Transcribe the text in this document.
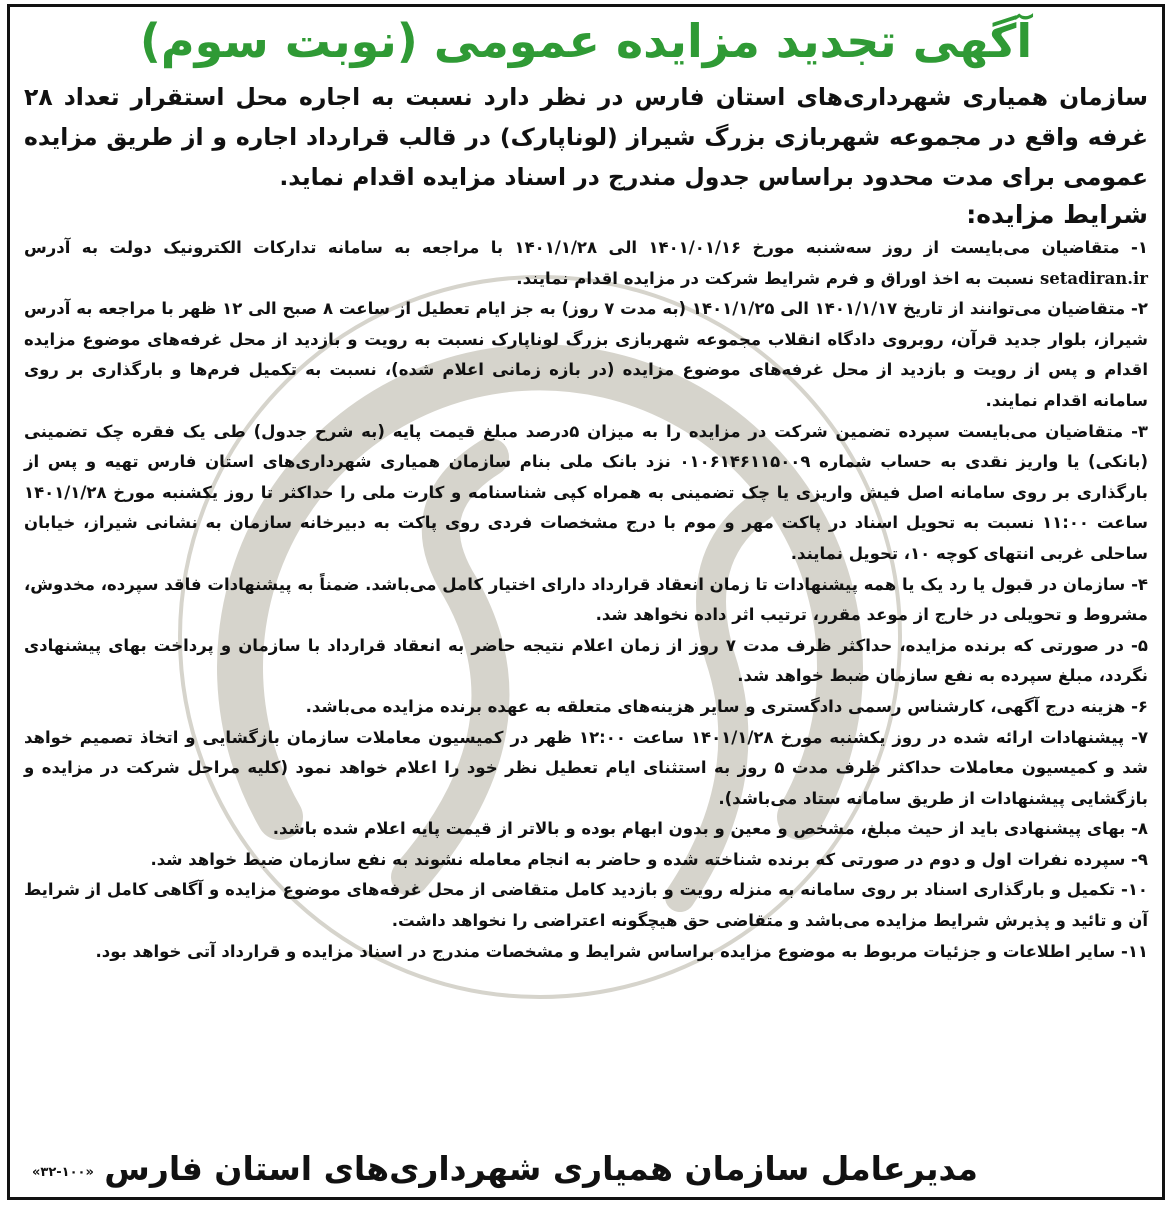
آگهی تجدید مزایده عمومی (نوبت سوم)

سازمان همیاری شهرداری‌های استان فارس در نظر دارد نسبت به اجاره محل استقرار تعداد ۲۸ غرفه واقع در مجموعه شهربازی بزرگ شیراز (لوناپارک) در قالب قرارداد اجاره و از طریق مزایده عمومی برای مدت محدود براساس جدول مندرج در اسناد مزایده اقدام نماید.

شرایط مزایده:

۱- متقاضیان می‌بایست از روز سه‌شنبه مورخ ۱۴۰۱/۰۱/۱۶ الی ۱۴۰۱/۱/۲۸ با مراجعه به سامانه تدارکات الکترونیک دولت به آدرس setadiran.ir نسبت به اخذ اوراق و فرم شرایط شرکت در مزایده اقدام نمایند.

۲- متقاضیان می‌توانند از تاریخ ۱۴۰۱/۱/۱۷ الی ۱۴۰۱/۱/۲۵ (به مدت ۷ روز) به جز ایام تعطیل از ساعت ۸ صبح الی ۱۲ ظهر با مراجعه به آدرس شیراز، بلوار جدید قرآن، روبروی دادگاه انقلاب مجموعه شهربازی بزرگ لوناپارک نسبت به رویت و بازدید از محل غرفه‌های موضوع مزایده اقدام و پس از رویت و بازدید از محل غرفه‌های موضوع مزایده (در بازه زمانی اعلام شده)، نسبت به تکمیل فرم‌ها و بارگذاری بر روی سامانه اقدام نمایند.

۳- متقاضیان می‌بایست سپرده تضمین شرکت در مزایده را به میزان ۵درصد مبلغ قیمت پایه (به شرح جدول) طی یک فقره چک تضمینی (بانکی) یا واریز نقدی به حساب شماره ۰۱۰۶۱۴۶۱۱۵۰۰۹ نزد بانک ملی بنام سازمان همیاری شهرداری‌های استان فارس تهیه و پس از بارگذاری بر روی سامانه اصل فیش واریزی یا چک تضمینی به همراه کپی شناسنامه و کارت ملی را حداکثر تا روز یکشنبه مورخ ۱۴۰۱/۱/۲۸ ساعت ۱۱:۰۰ نسبت به تحویل اسناد در پاکت مهر و موم با درج مشخصات فردی روی پاکت به دبیرخانه سازمان به نشانی شیراز، خیابان ساحلی غربی انتهای کوچه ۱۰، تحویل نمایند.

۴- سازمان در قبول یا رد یک یا همه پیشنهادات تا زمان انعقاد قرارداد دارای اختیار کامل می‌باشد. ضمناً به پیشنهادات فاقد سپرده، مخدوش، مشروط و تحویلی در خارج از موعد مقرر، ترتیب اثر داده نخواهد شد.

۵- در صورتی که برنده مزایده، حداکثر ظرف مدت ۷ روز از زمان اعلام نتیجه حاضر به انعقاد قرارداد با سازمان و پرداخت بهای پیشنهادی نگردد، مبلغ سپرده به نفع سازمان ضبط خواهد شد.

۶- هزینه درج آگهی، کارشناس رسمی دادگستری و سایر هزینه‌های متعلقه به عهده برنده مزایده می‌باشد.

۷- پیشنهادات ارائه شده در روز یکشنبه مورخ ۱۴۰۱/۱/۲۸ ساعت ۱۲:۰۰ ظهر در کمیسیون معاملات سازمان بازگشایی و اتخاذ تصمیم خواهد شد و کمیسیون معاملات حداکثر ظرف مدت ۵ روز به استثنای ایام تعطیل نظر خود را اعلام خواهد نمود (کلیه مراحل شرکت در مزایده و بازگشایی پیشنهادات از طریق سامانه ستاد می‌باشد).

۸- بهای پیشنهادی باید از حیث مبلغ، مشخص و معین و بدون ابهام بوده و بالاتر از قیمت پایه اعلام شده باشد.

۹- سپرده نفرات اول و دوم در صورتی که برنده شناخته شده و حاضر به انجام معامله نشوند به نفع سازمان ضبط خواهد شد.

۱۰- تکمیل و بارگذاری اسناد بر روی سامانه به منزله رویت و بازدید کامل متقاضی از محل غرفه‌های موضوع مزایده و آگاهی کامل از شرایط آن و تائید و پذیرش شرایط مزایده می‌باشد و متقاضی حق هیچگونه اعتراضی را نخواهد داشت.

۱۱- سایر اطلاعات و جزئیات مربوط به موضوع مزایده براساس شرایط و مشخصات مندرج در اسناد مزایده و قرارداد آتی خواهد بود.

مدیرعامل سازمان همیاری شهرداری‌های استان فارس
«۳۲-۱۰۰»
